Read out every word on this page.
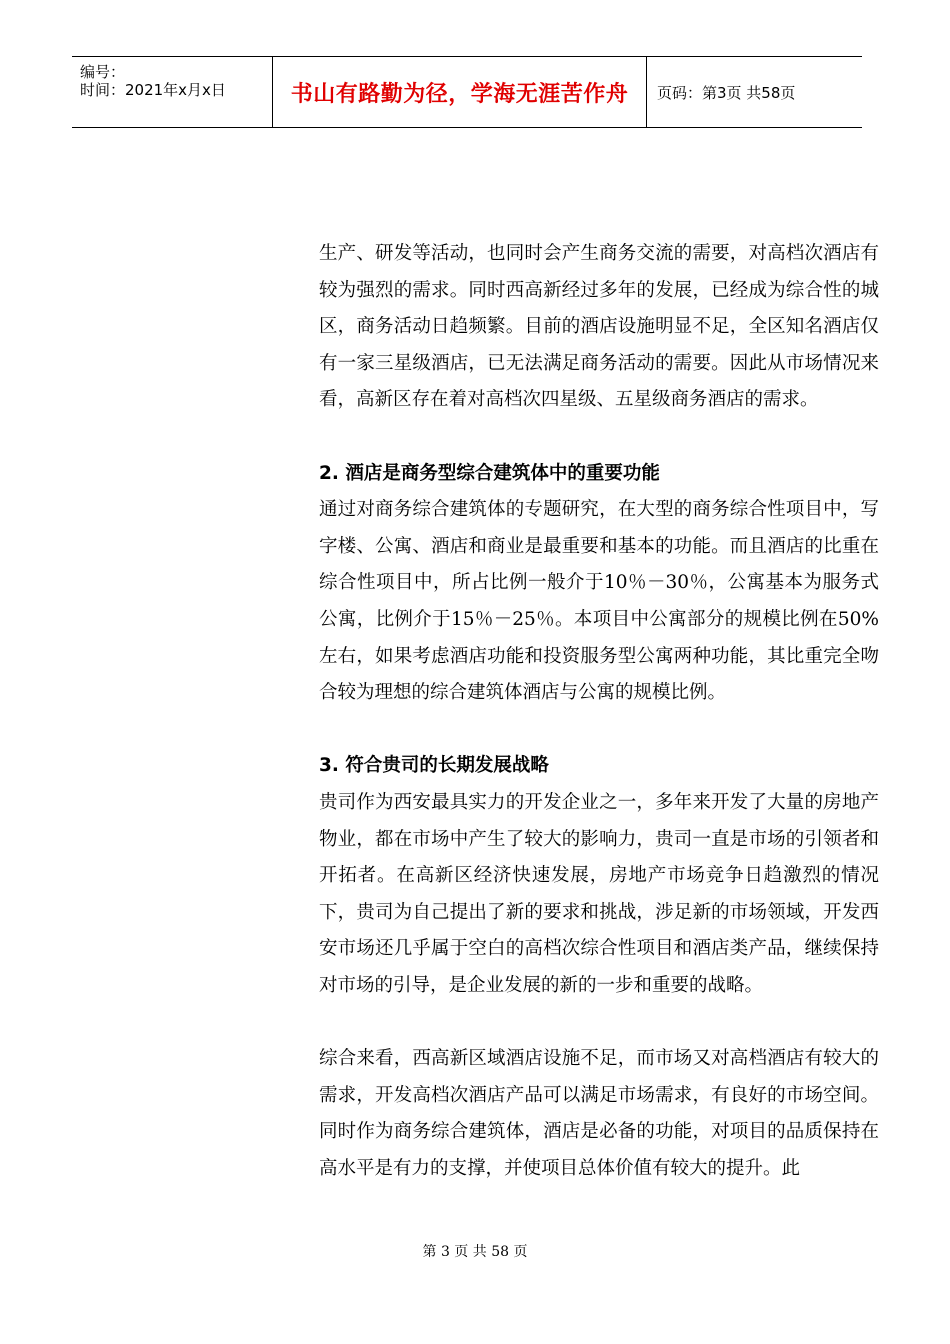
编号：
时间：2021年x月x日	书山有路勤为径，学海无涯苦作舟	页码：第3页 共58页

生产、研发等活动，也同时会产生商务交流的需要，对高档次酒店有较为强烈的需求。同时西高新经过多年的发展，已经成为综合性的城区，商务活动日趋频繁。目前的酒店设施明显不足，全区知名酒店仅有一家三星级酒店，已无法满足商务活动的需要。因此从市场情况来看，高新区存在着对高档次四星级、五星级商务酒店的需求。

2. 酒店是商务型综合建筑体中的重要功能

通过对商务综合建筑体的专题研究，在大型的商务综合性项目中，写字楼、公寓、酒店和商业是最重要和基本的功能。而且酒店的比重在综合性项目中，所占比例一般介于10％－30％，公寓基本为服务式公寓，比例介于15％－25％。本项目中公寓部分的规模比例在50%左右，如果考虑酒店功能和投资服务型公寓两种功能，其比重完全吻合较为理想的综合建筑体酒店与公寓的规模比例。

3. 符合贵司的长期发展战略

贵司作为西安最具实力的开发企业之一，多年来开发了大量的房地产物业，都在市场中产生了较大的影响力，贵司一直是市场的引领者和开拓者。在高新区经济快速发展，房地产市场竞争日趋激烈的情况下，贵司为自己提出了新的要求和挑战，涉足新的市场领域，开发西安市场还几乎属于空白的高档次综合性项目和酒店类产品，继续保持对市场的引导，是企业发展的新的一步和重要的战略。

综合来看，西高新区域酒店设施不足，而市场又对高档酒店有较大的需求，开发高档次酒店产品可以满足市场需求，有良好的市场空间。同时作为商务综合建筑体，酒店是必备的功能，对项目的品质保持在高水平是有力的支撑，并使项目总体价值有较大的提升。此

第 3 页 共 58 页
